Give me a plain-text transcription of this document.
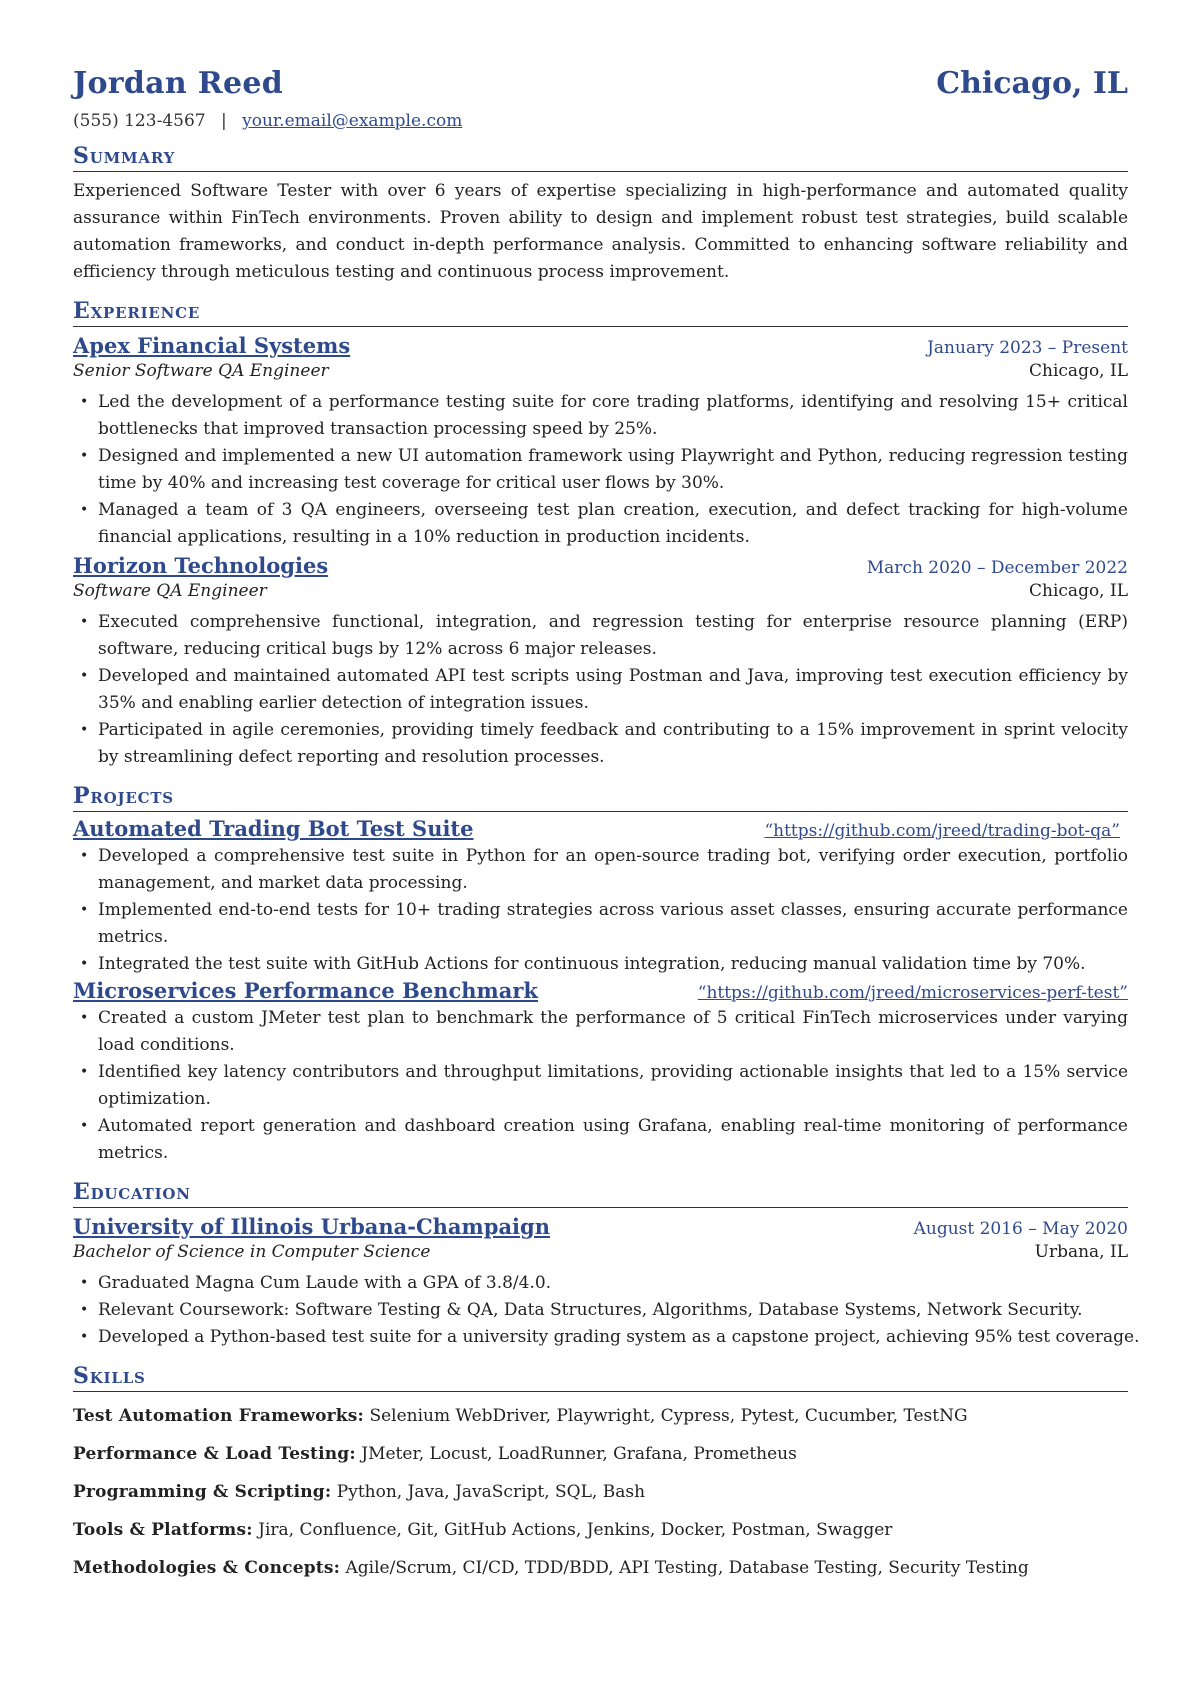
Jordan Reed	Chicago, IL
(555) 123-4567 | your.email@example.com
Summary
Experienced Software Tester with over 6 years of expertise specializing in high-performance and automated quality assurance within FinTech environments. Proven ability to design and implement robust test strategies, build scalable automation frameworks, and conduct in-depth performance analysis. Committed to enhancing software reliability and efficiency through meticulous testing and continuous process improvement.
Experience
Apex Financial Systems	January 2023 – Present
Senior Software QA Engineer	Chicago, IL
• Led the development of a performance testing suite for core trading platforms, identifying and resolving 15+ critical bottlenecks that improved transaction processing speed by 25%.
• Designed and implemented a new UI automation framework using Playwright and Python, reducing regression testing time by 40% and increasing test coverage for critical user flows by 30%.
• Managed a team of 3 QA engineers, overseeing test plan creation, execution, and defect tracking for high-volume financial applications, resulting in a 10% reduction in production incidents.
Horizon Technologies	March 2020 – December 2022
Software QA Engineer	Chicago, IL
• Executed comprehensive functional, integration, and regression testing for enterprise resource planning (ERP) software, reducing critical bugs by 12% across 6 major releases.
• Developed and maintained automated API test scripts using Postman and Java, improving test execution efficiency by 35% and enabling earlier detection of integration issues.
• Participated in agile ceremonies, providing timely feedback and contributing to a 15% improvement in sprint velocity by streamlining defect reporting and resolution processes.
Projects
Automated Trading Bot Test Suite	“https://github.com/jreed/trading-bot-qa”
• Developed a comprehensive test suite in Python for an open-source trading bot, verifying order execution, portfolio management, and market data processing.
• Implemented end-to-end tests for 10+ trading strategies across various asset classes, ensuring accurate performance metrics.
• Integrated the test suite with GitHub Actions for continuous integration, reducing manual validation time by 70%.
Microservices Performance Benchmark	“https://github.com/jreed/microservices-perf-test”
• Created a custom JMeter test plan to benchmark the performance of 5 critical FinTech microservices under varying load conditions.
• Identified key latency contributors and throughput limitations, providing actionable insights that led to a 15% service optimization.
• Automated report generation and dashboard creation using Grafana, enabling real-time monitoring of performance metrics.
Education
University of Illinois Urbana-Champaign	August 2016 – May 2020
Bachelor of Science in Computer Science	Urbana, IL
• Graduated Magna Cum Laude with a GPA of 3.8/4.0.
• Relevant Coursework: Software Testing & QA, Data Structures, Algorithms, Database Systems, Network Security.
• Developed a Python-based test suite for a university grading system as a capstone project, achieving 95% test coverage.
Skills
Test Automation Frameworks: Selenium WebDriver, Playwright, Cypress, Pytest, Cucumber, TestNG
Performance & Load Testing: JMeter, Locust, LoadRunner, Grafana, Prometheus
Programming & Scripting: Python, Java, JavaScript, SQL, Bash
Tools & Platforms: Jira, Confluence, Git, GitHub Actions, Jenkins, Docker, Postman, Swagger
Methodologies & Concepts: Agile/Scrum, CI/CD, TDD/BDD, API Testing, Database Testing, Security Testing
